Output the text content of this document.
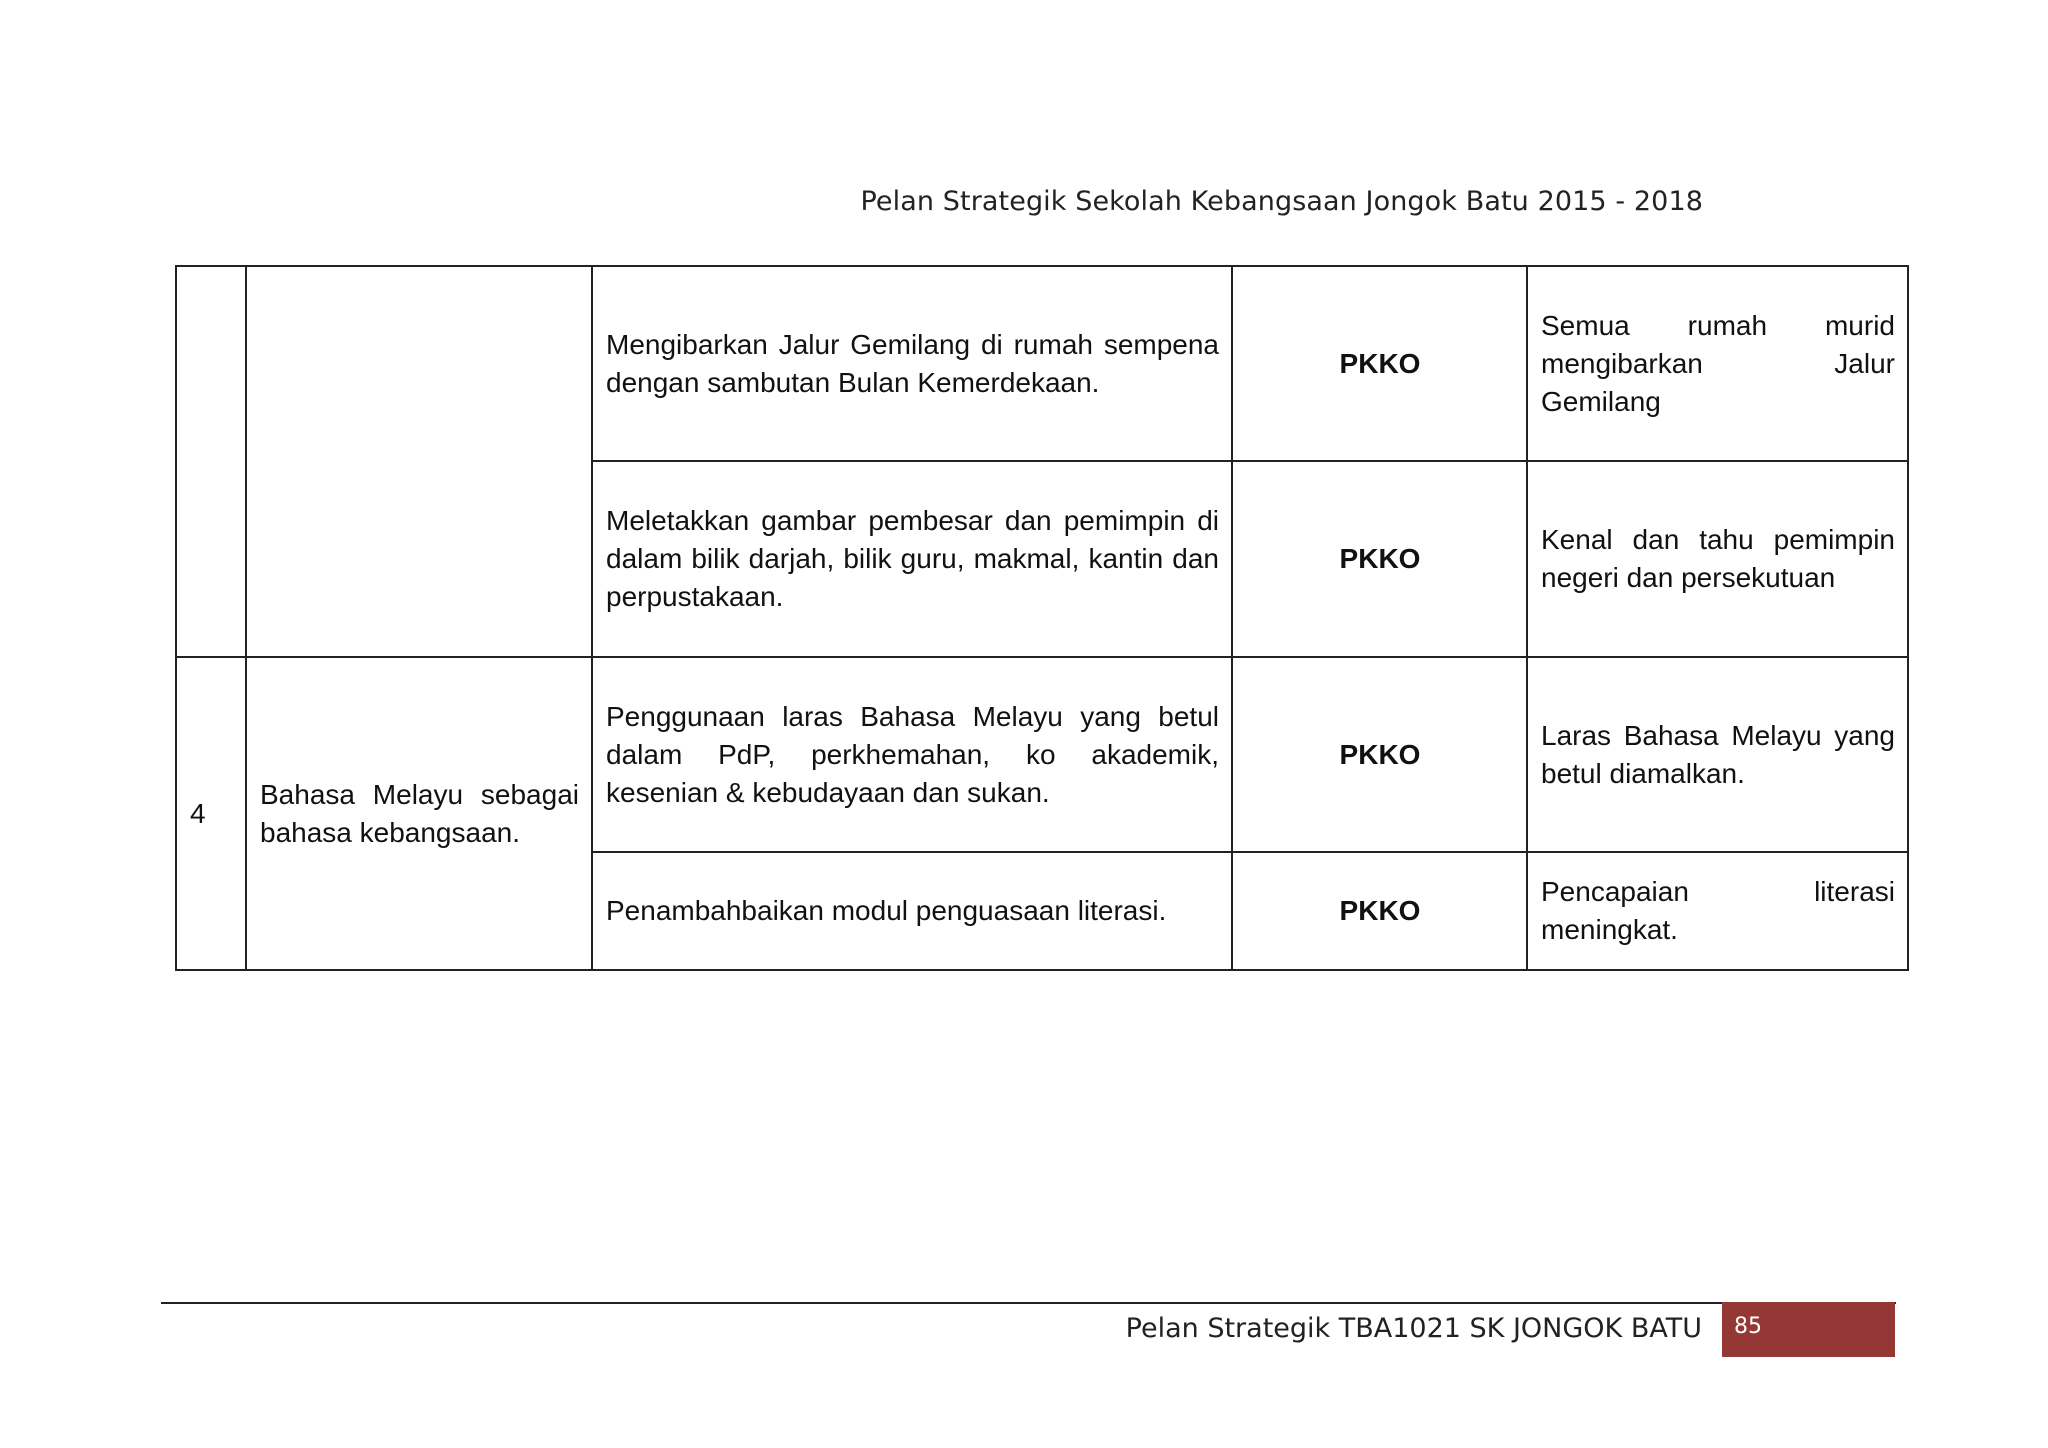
Pelan Strategik Sekolah Kebangsaan Jongok Batu 2015 - 2018
		Mengibarkan Jalur Gemilang di rumah sempena dengan sambutan Bulan Kemerdekaan.	PKKO	Semua rumah murid mengibarkan Jalur Gemilang
		Meletakkan gambar pembesar dan pemimpin di dalam bilik darjah, bilik guru, makmal, kantin dan perpustakaan.	PKKO	Kenal dan tahu pemimpin negeri dan persekutuan
4	Bahasa Melayu sebagai bahasa kebangsaan.	Penggunaan laras Bahasa Melayu yang betul dalam PdP, perkhemahan, ko akademik, kesenian & kebudayaan dan sukan.	PKKO	Laras Bahasa Melayu yang betul diamalkan.
		Penambahbaikan modul penguasaan literasi.	PKKO	Pencapaian literasi meningkat.
Pelan Strategik TBA1021 SK JONGOK BATU	85
